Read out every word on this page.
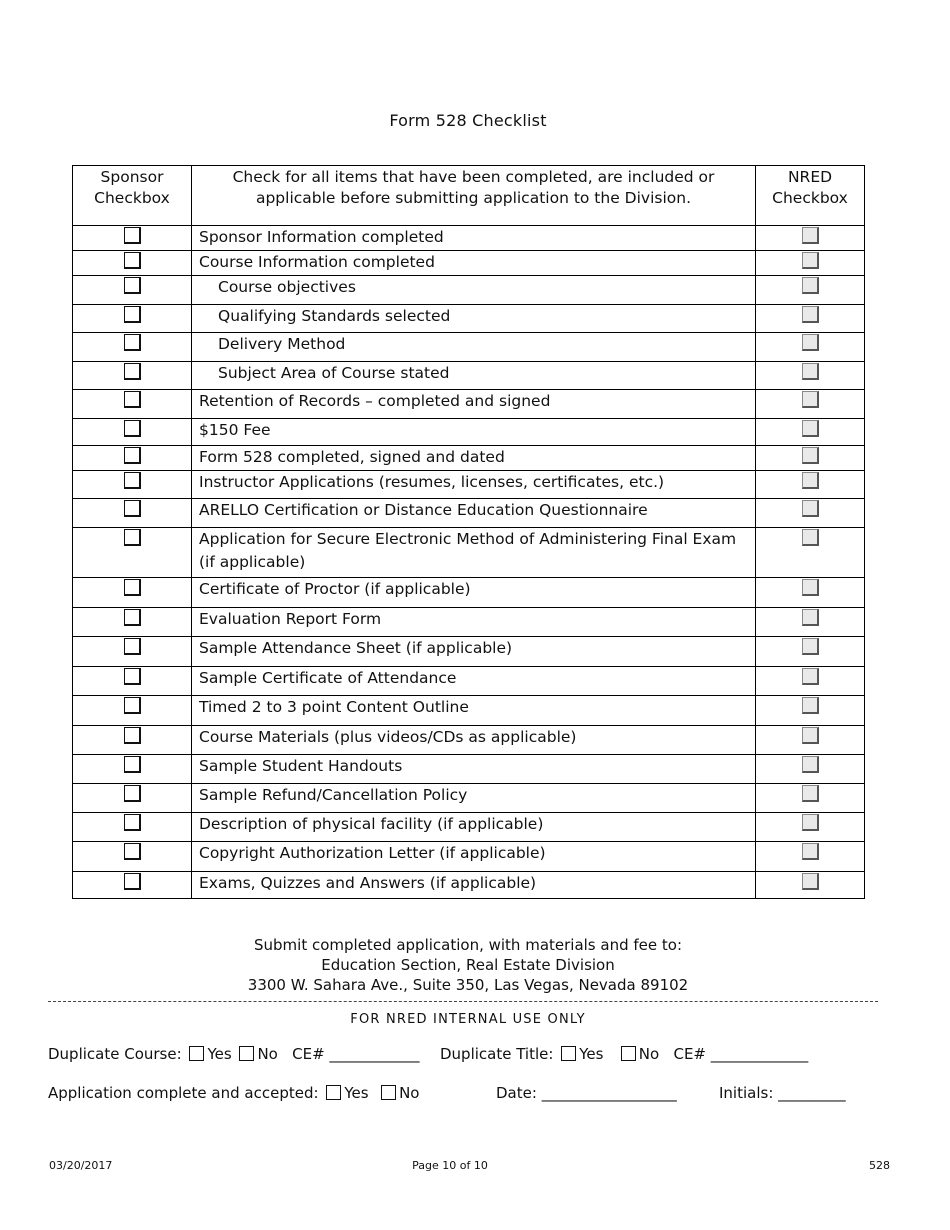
Form 528 Checklist
Sponsor Checkbox	Check for all items that have been completed, are included or applicable before submitting application to the Division.	NRED Checkbox
	Sponsor Information completed	
	Course Information completed	
	Course objectives	
	Qualifying Standards selected	
	Delivery Method	
	Subject Area of Course stated	
	Retention of Records – completed and signed	
	$150 Fee	
	Form 528 completed, signed and dated	
	Instructor Applications (resumes, licenses, certificates, etc.)	
	ARELLO Certification or Distance Education Questionnaire	
	Application for Secure Electronic Method of Administering Final Exam (if applicable)	
	Certificate of Proctor (if applicable)	
	Evaluation Report Form	
	Sample Attendance Sheet (if applicable)	
	Sample Certificate of Attendance	
	Timed 2 to 3 point Content Outline	
	Course Materials (plus videos/CDs as applicable)	
	Sample Student Handouts	
	Sample Refund/Cancellation Policy	
	Description of physical facility (if applicable)	
	Copyright Authorization Letter (if applicable)	
	Exams, Quizzes and Answers (if applicable)	
Submit completed application, with materials and fee to:
Education Section, Real Estate Division
3300 W. Sahara Ave., Suite 350, Las Vegas, Nevada 89102
FOR NRED INTERNAL USE ONLY
Duplicate Course: Yes No CE# ____________ Duplicate Title: Yes No CE# _____________
Application complete and accepted: Yes No	Date: __________________	Initials: _________
03/20/2017	Page 10 of 10	528
